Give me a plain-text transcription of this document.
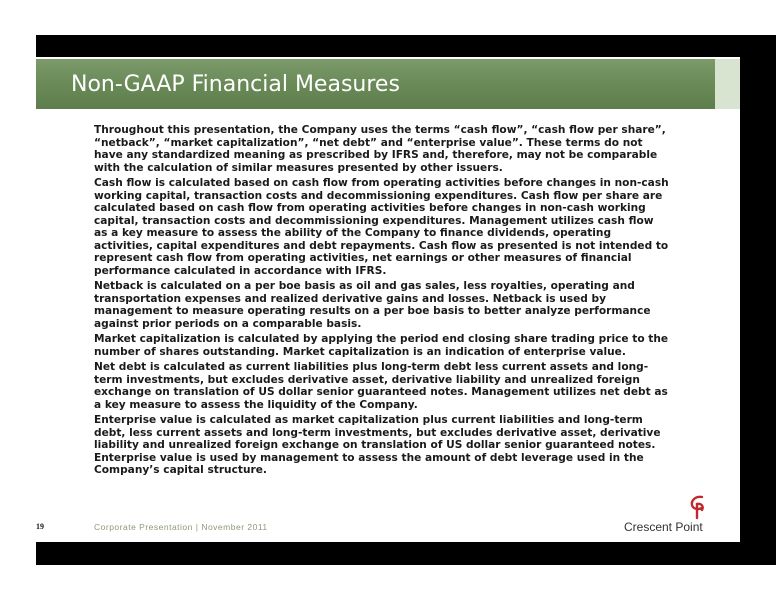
Non-GAAP Financial Measures

Throughout this presentation, the Company uses the terms “cash flow”, “cash flow per share”, “netback”, “market capitalization”, “net debt” and “enterprise value”. These terms do not have any standardized meaning as prescribed by IFRS and, therefore, may not be comparable with the calculation of similar measures presented by other issuers.

Cash flow is calculated based on cash flow from operating activities before changes in non-cash working capital, transaction costs and decommissioning expenditures. Cash flow per share are calculated based on cash flow from operating activities before changes in non-cash working capital, transaction costs and decommissioning expenditures. Management utilizes cash flow as a key measure to assess the ability of the Company to finance dividends, operating activities, capital expenditures and debt repayments. Cash flow as presented is not intended to represent cash flow from operating activities, net earnings or other measures of financial performance calculated in accordance with IFRS.

Netback is calculated on a per boe basis as oil and gas sales, less royalties, operating and transportation expenses and realized derivative gains and losses. Netback is used by management to measure operating results on a per boe basis to better analyze performance against prior periods on a comparable basis.

Market capitalization is calculated by applying the period end closing share trading price to the number of shares outstanding. Market capitalization is an indication of enterprise value.

Net debt is calculated as current liabilities plus long-term debt less current assets and long-term investments, but excludes derivative asset, derivative liability and unrealized foreign exchange on translation of US dollar senior guaranteed notes. Management utilizes net debt as a key measure to assess the liquidity of the Company.

Enterprise value is calculated as market capitalization plus current liabilities and long-term debt, less current assets and long-term investments, but excludes derivative asset, derivative liability and unrealized foreign exchange on translation of US dollar senior guaranteed notes. Enterprise value is used by management to assess the amount of debt leverage used in the Company’s capital structure.

19	Corporate Presentation | November 2011	Crescent Point
